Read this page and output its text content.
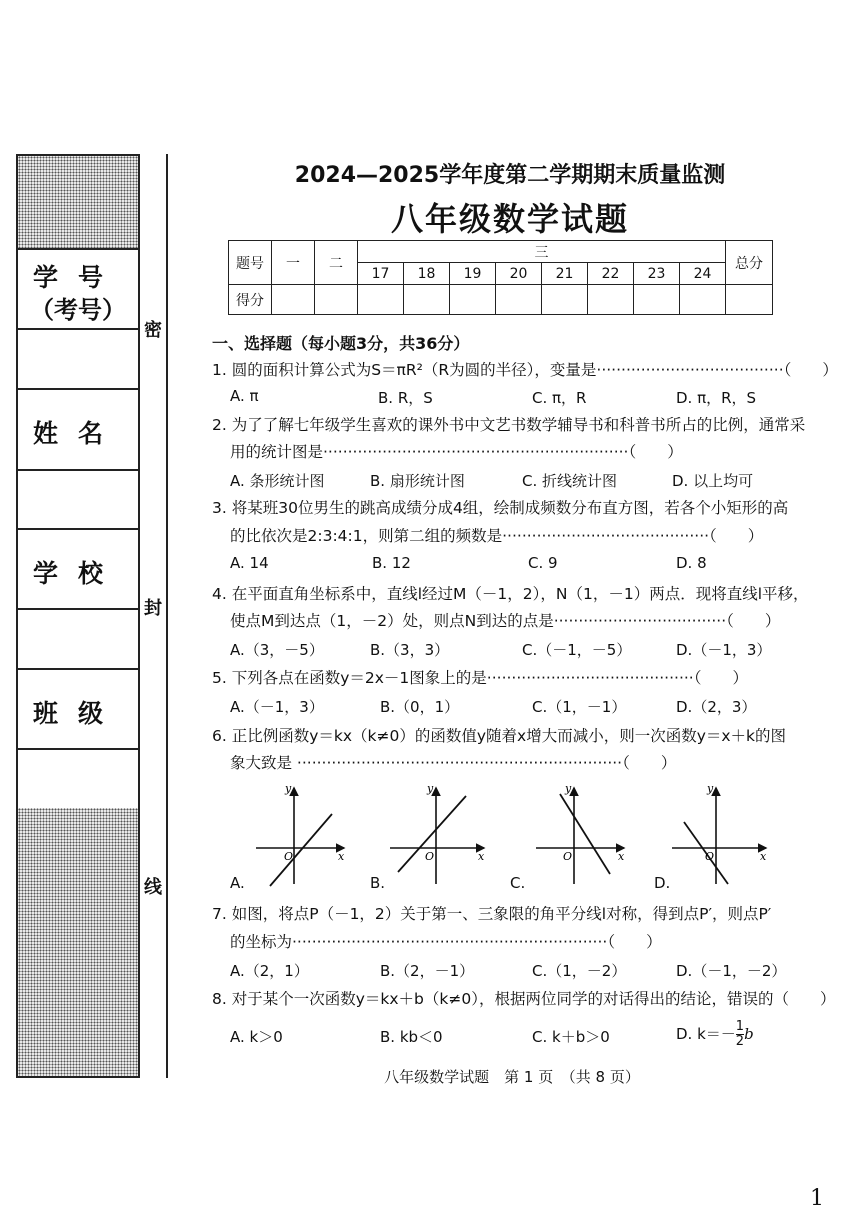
学号
（考号）
姓名
学校
班级
密
封
线
2024—2025学年度第二学期期末质量监测
八年级数学试题
题号	一	二	三								总分
			17	18	19	20	21	22	23	24	
得分											
一、选择题（每小题3分，共36分）
1. 圆的面积计算公式为S＝πR²（R为圆的半径），变量是······································（　　）
A. π	B. R，S	C. π，R	D. π，R，S
2. 为了了解七年级学生喜欢的课外书中文艺书数学辅导书和科普书所占的比例，通常采
用的统计图是······························································（　　）
A. 条形统计图	B. 扇形统计图	C. 折线统计图	D. 以上均可
3. 将某班30位男生的跳高成绩分成4组，绘制成频数分布直方图，若各个小矩形的高
的比依次是2:3:4:1，则第二组的频数是··········································（　　）
A. 14	B. 12	C. 9	D. 8
4. 在平面直角坐标系中，直线l经过M（－1，2），N（1，－1）两点．现将直线l平移，
使点M到达点（1，－2）处，则点N到达的点是···································（　　）
A.（3，－5）	B.（3，3）	C.（－1，－5）	D.（－1，3）
5. 下列各点在函数y＝2x－1图象上的是··········································（　　）
A.（－1，3）	B.（0，1）	C.（1，－1）	D.（2，3）
6. 正比例函数y＝kx（k≠0）的函数值y随着x增大而减小，则一次函数y＝x＋k的图
象大致是 ··································································（　　）
y
x
O
y
x
O
y
x
O
y
x
O
A.	B.	C.	D.
7. 如图，将点P（－1，2）关于第一、三象限的角平分线l对称，得到点P′，则点P′
的坐标为································································（　　）
A.（2，1）	B.（2，－1）	C.（1，－2）	D.（－1，－2）
8. 对于某个一次函数y＝kx＋b（k≠0），根据两位同学的对话得出的结论，错误的（　　）
A. k＞0	B. kb＜0	C. k＋b＞0	D. $k=- \frac{1}{2}$ b
八年级数学试题　第 1 页　（共 8 页）
1
